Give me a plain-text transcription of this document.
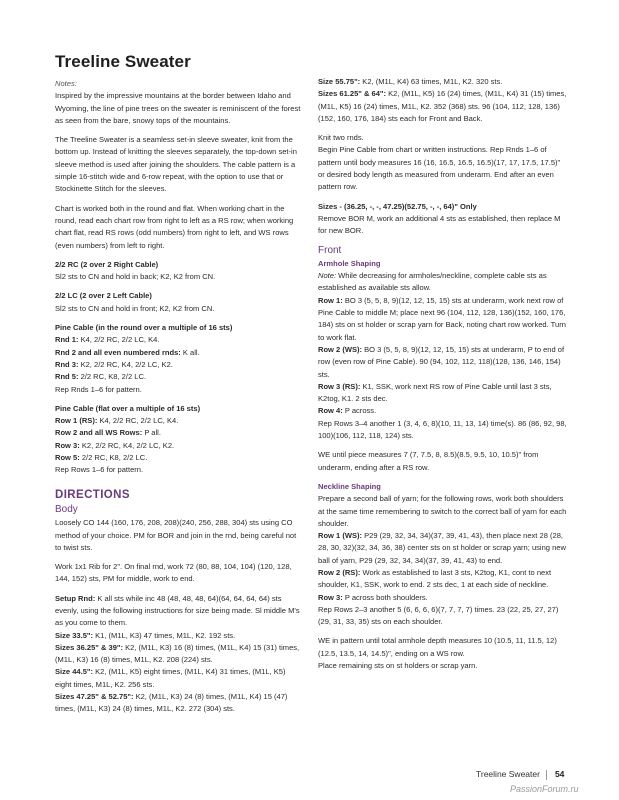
Treeline Sweater

Notes:

Inspired by the impressive mountains at the border between Idaho and Wyoming, the line of pine trees on the sweater is reminiscent of the forest as seen from the bare, snowy tops of the mountains.

The Treeline Sweater is a seamless set-in sleeve sweater, knit from the bottom up. Instead of knitting the sleeves separately, the top-down set-in sleeve method is used after joining the shoulders. The cable pattern is a simple 16-stitch wide and 6-row repeat, with the option to use that or Stockinette Stitch for the sleeves.

Chart is worked both in the round and flat. When working chart in the round, read each chart row from right to left as a RS row; when working chart flat, read RS rows (odd numbers) from right to left, and WS rows (even numbers) from left to right.

2/2 RC (2 over 2 Right Cable)
Sl2 sts to CN and hold in back; K2, K2 from CN.
2/2 LC (2 over 2 Left Cable)
Sl2 sts to CN and hold in front; K2, K2 from CN.
Pine Cable (in the round over a multiple of 16 sts)
Rnd 1: K4, 2/2 RC, 2/2 LC, K4.
Rnd 2 and all even numbered rnds: K all.
Rnd 3: K2, 2/2 RC, K4, 2/2 LC, K2.
Rnd 5: 2/2 RC, K8, 2/2 LC.
Rep Rnds 1–6 for pattern.
Pine Cable (flat over a multiple of 16 sts)
Row 1 (RS): K4, 2/2 RC, 2/2 LC, K4.
Row 2 and all WS Rows: P all.
Row 3: K2, 2/2 RC, K4, 2/2 LC, K2.
Row 5: 2/2 RC, K8, 2/2 LC.
Rep Rows 1–6 for pattern.
DIRECTIONS
Body

Loosely CO 144 (160, 176, 208, 208)(240, 256, 288, 304) sts using CO method of your choice. PM for BOR and join in the rnd, being careful not to twist sts.

Work 1x1 Rib for 2". On final rnd, work 72 (80, 88, 104, 104) (120, 128, 144, 152) sts, PM for middle, work to end.

Setup Rnd: K all sts while inc 48 (48, 48, 48, 64)(64, 64, 64, 64) sts evenly, using the following instructions for size being made. Sl middle M's as you come to them.

Size 33.5": K1, (M1L, K3) 47 times, M1L, K2. 192 sts.

Sizes 36.25" & 39": K2, (M1L, K3) 16 (8) times, (M1L, K4) 15 (31) times, (M1L, K3) 16 (8) times, M1L, K2. 208 (224) sts.

Size 44.5": K2, (M1L, K5) eight times, (M1L, K4) 31 times, (M1L, K5) eight times, M1L, K2. 256 sts.

Sizes 47.25" & 52.75": K2, (M1L, K3) 24 (8) times, (M1L, K4) 15 (47) times, (M1L, K3) 24 (8) times, M1L, K2. 272 (304) sts.

Size 55.75": K2, (M1L, K4) 63 times, M1L, K2. 320 sts.

Sizes 61.25" & 64": K2, (M1L, K5) 16 (24) times, (M1L, K4) 31 (15) times, (M1L, K5) 16 (24) times, M1L, K2. 352 (368) sts. 96 (104, 112, 128, 136)(152, 160, 176, 184) sts each for Front and Back.

Knit two rnds.

Begin Pine Cable from chart or written instructions. Rep Rnds 1–6 of pattern until body measures 16 (16, 16.5, 16.5, 16.5)(17, 17, 17.5, 17.5)" or desired body length as measured from underarm. End after an even pattern row.

Sizes - (36.25, -, -, 47.25)(52.75, -, -, 64)" Only
Remove BOR M, work an additional 4 sts as established, then replace M for new BOR.
Front
Armhole Shaping
Note: While decreasing for armholes/neckline, complete cable sts as established as available sts allow.
Row 1: BO 3 (5, 5, 8, 9)(12, 12, 15, 15) sts at underarm, work next row of Pine Cable to middle M; place next 96 (104, 112, 128, 136)(152, 160, 176, 184) sts on st holder or scrap yarn for Back, noting chart row worked. Turn to work flat.
Row 2 (WS): BO 3 (5, 5, 8, 9)(12, 12, 15, 15) sts at underarm, P to end of row (even row of Pine Cable). 90 (94, 102, 112, 118)(128, 136, 146, 154) sts.
Row 3 (RS): K1, SSK, work next RS row of Pine Cable until last 3 sts, K2tog, K1. 2 sts dec.
Row 4: P across.

Rep Rows 3–4 another 1 (3, 4, 6, 8)(10, 11, 13, 14) time(s). 86 (86, 92, 98, 100)(106, 112, 118, 124) sts.

WE until piece measures 7 (7, 7.5, 8, 8.5)(8.5, 9.5, 10, 10.5)" from underarm, ending after a RS row.

Neckline Shaping
Prepare a second ball of yarn; for the following rows, work both shoulders at the same time remembering to switch to the correct ball of yarn for each shoulder.
Row 1 (WS): P29 (29, 32, 34, 34)(37, 39, 41, 43), then place next 28 (28, 28, 30, 32)(32, 34, 36, 38) center sts on st holder or scrap yarn; using new ball of yarn, P29 (29, 32, 34, 34)(37, 39, 41, 43) to end.
Row 2 (RS): Work as established to last 3 sts, K2tog, K1, cont to next shoulder, K1, SSK, work to end. 2 sts dec, 1 at each side of neckline.
Row 3: P across both shoulders.

Rep Rows 2–3 another 5 (6, 6, 6, 6)(7, 7, 7, 7) times. 23 (22, 25, 27, 27)(29, 31, 33, 35) sts on each shoulder.

WE in pattern until total armhole depth measures 10 (10.5, 11, 11.5, 12)(12.5, 13.5, 14, 14.5)", ending on a WS row.
Place remaining sts on st holders or scrap yarn.
Treeline Sweater 54
PassionForum.ru
